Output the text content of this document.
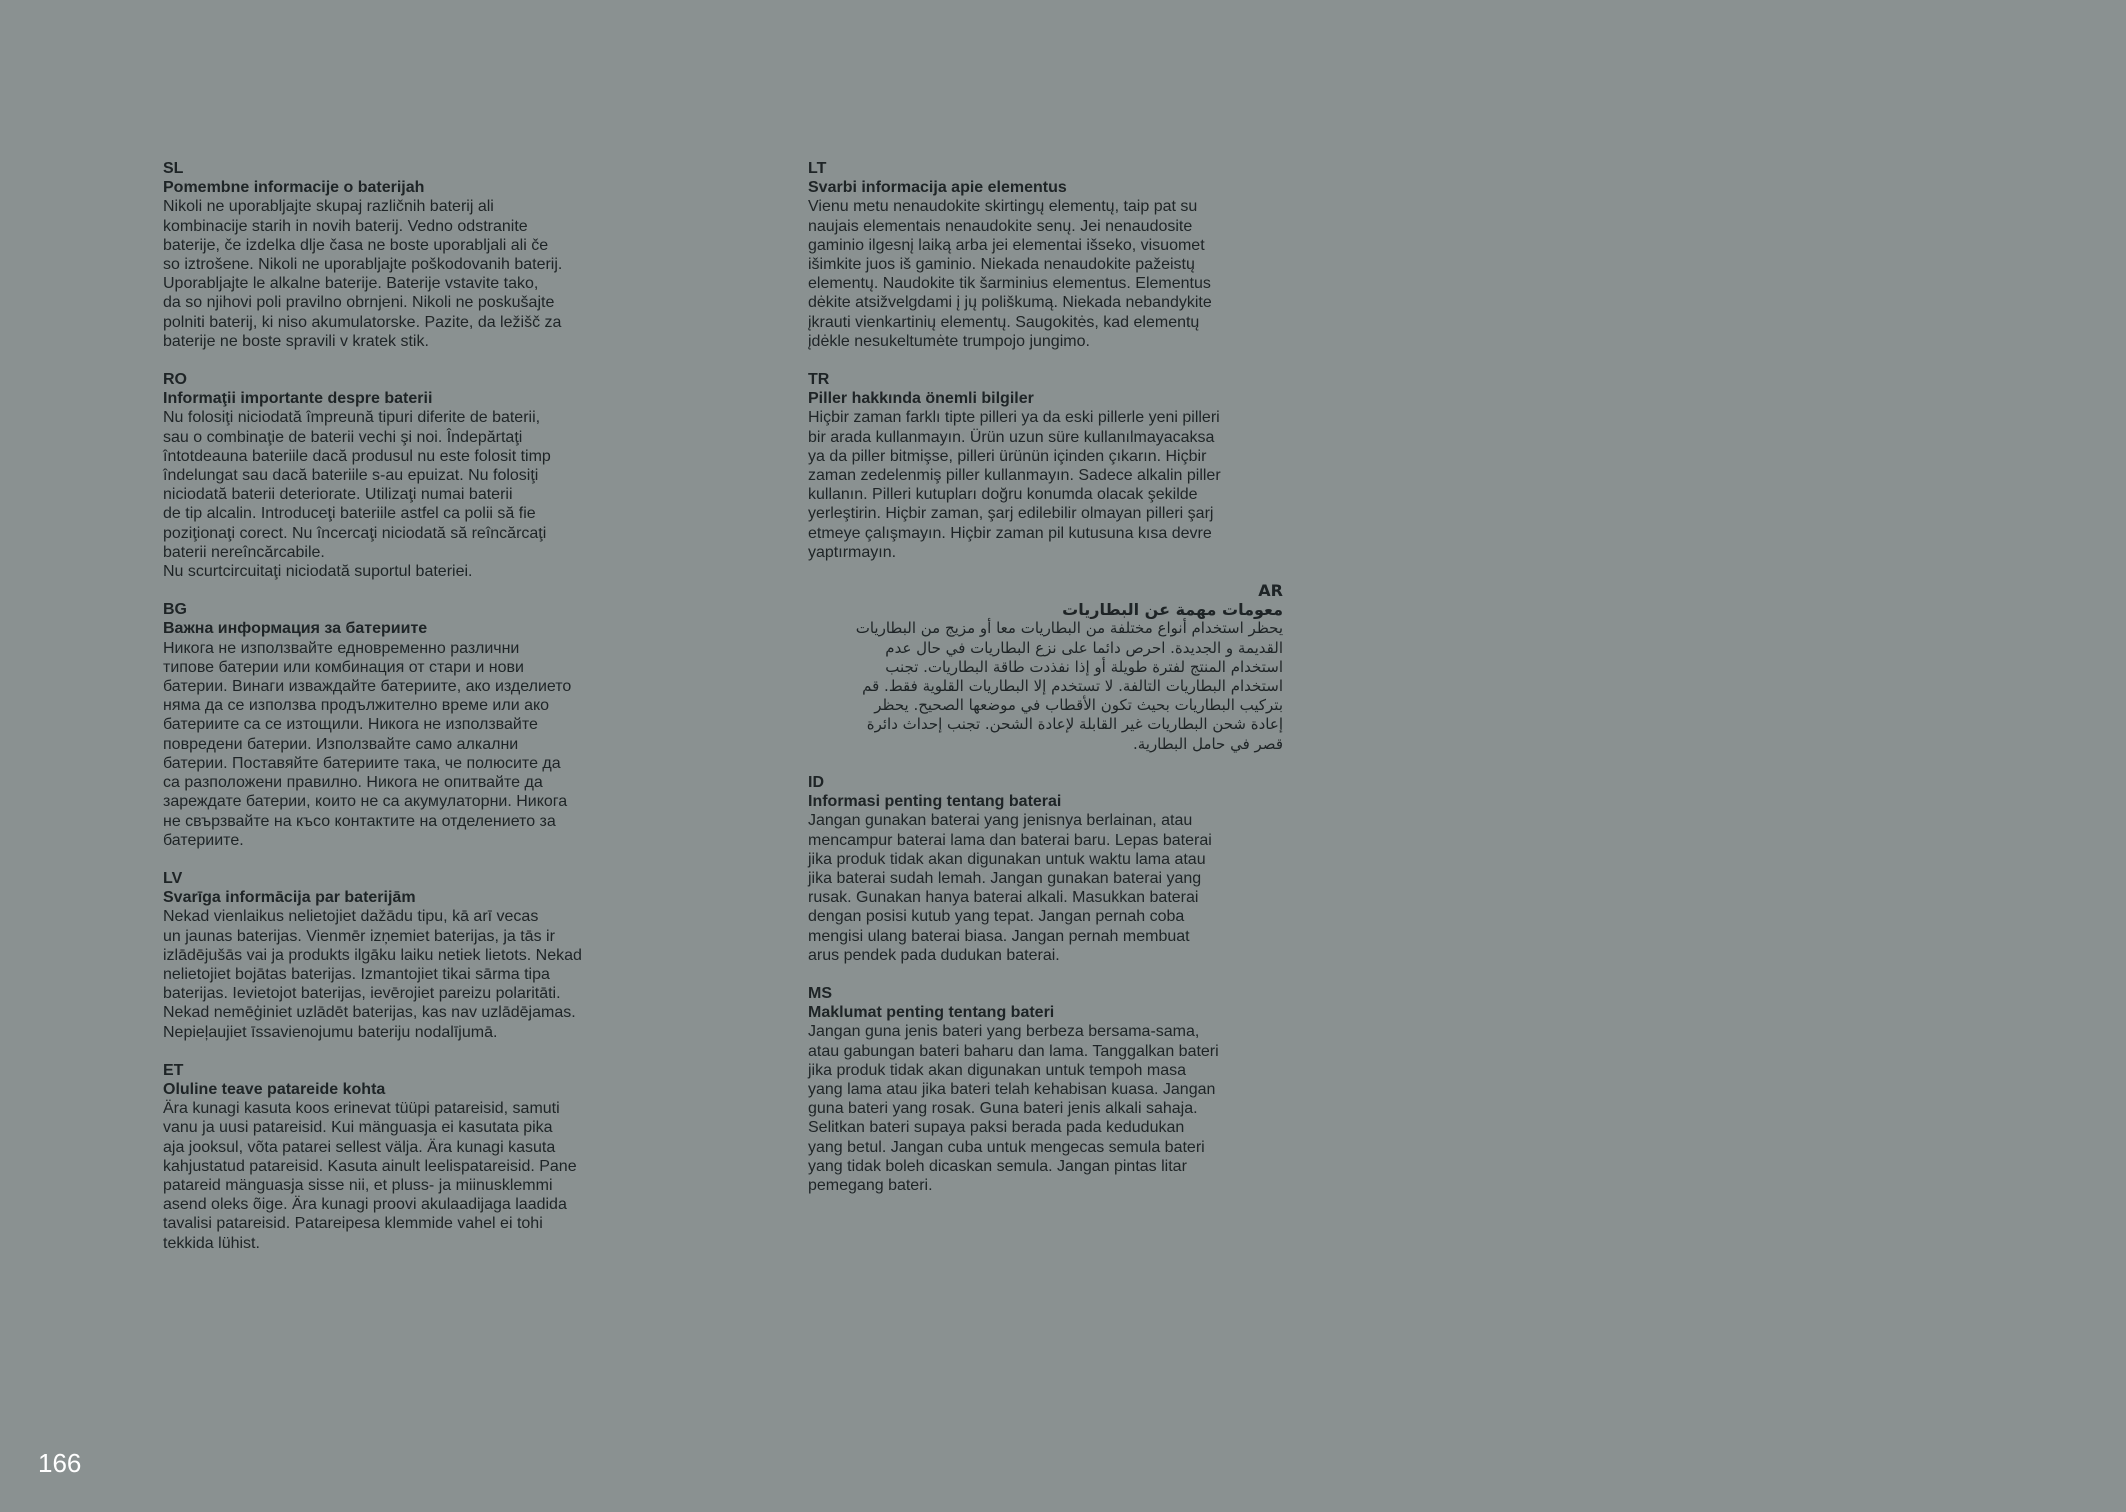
SL

Pomembne informacije o baterijah

Nikoli ne uporabljajte skupaj različnih baterij ali
kombinacije starih in novih baterij. Vedno odstranite
baterije, če izdelka dlje časa ne boste uporabljali ali če
so iztrošene. Nikoli ne uporabljajte poškodovanih baterij.
Uporabljajte le alkalne baterije. Baterije vstavite tako,
da so njihovi poli pravilno obrnjeni. Nikoli ne poskušajte
polniti baterij, ki niso akumulatorske. Pazite, da ležišč za
baterije ne boste spravili v kratek stik.

RO

Informaţii importante despre baterii

Nu folosiţi niciodată împreună tipuri diferite de baterii,
sau o combinaţie de baterii vechi şi noi. Îndepărtaţi
întotdeauna bateriile dacă produsul nu este folosit timp
îndelungat sau dacă bateriile s-au epuizat. Nu folosiţi
niciodată baterii deteriorate. Utilizaţi numai baterii
de tip alcalin. Introduceţi bateriile astfel ca polii să fie
poziţionaţi corect. Nu încercaţi niciodată să reîncărcaţi
baterii nereîncărcabile.
Nu scurtcircuitaţi niciodată suportul bateriei.

BG

Важна информация за батериите

Никога не използвайте едновременно различни
типове батерии или комбинация от стари и нови
батерии. Винаги изваждайте батериите, ако изделието
няма да се използва продължително време или ако
батериите са се изтощили. Никога не използвайте
повредени батерии. Използвайте само алкални
батерии. Поставяйте батериите така, че полюсите да
са разположени правилно. Никога не опитвайте да
зареждате батерии, които не са акумулаторни. Никога
не свързвайте на късо контактите на отделението за
батериите.

LV

Svarīga informācija par baterijām

Nekad vienlaikus nelietojiet dažādu tipu, kā arī vecas
un jaunas baterijas. Vienmēr izņemiet baterijas, ja tās ir
izlādējušās vai ja produkts ilgāku laiku netiek lietots. Nekad
nelietojiet bojātas baterijas. Izmantojiet tikai sārma tipa
baterijas. Ievietojot baterijas, ievērojiet pareizu polaritāti.
Nekad nemēģiniet uzlādēt baterijas, kas nav uzlādējamas.
Nepieļaujiet īssavienojumu bateriju nodalījumā.

ET

Oluline teave patareide kohta

Ära kunagi kasuta koos erinevat tüüpi patareisid, samuti
vanu ja uusi patareisid. Kui mänguasja ei kasutata pika
aja jooksul, võta patarei sellest välja. Ära kunagi kasuta
kahjustatud patareisid. Kasuta ainult leelispatareisid. Pane
patareid mänguasja sisse nii, et pluss- ja miinusklemmi
asend oleks õige. Ära kunagi proovi akulaadijaga laadida
tavalisi patareisid. Patareipesa klemmide vahel ei tohi
tekkida lühist.

LT

Svarbi informacija apie elementus

Vienu metu nenaudokite skirtingų elementų, taip pat su
naujais elementais nenaudokite senų. Jei nenaudosite
gaminio ilgesnį laiką arba jei elementai išseko, visuomet
išimkite juos iš gaminio. Niekada nenaudokite pažeistų
elementų. Naudokite tik šarminius elementus. Elementus
dėkite atsižvelgdami į jų poliškumą. Niekada nebandykite
įkrauti vienkartinių elementų. Saugokitės, kad elementų
įdėkle nesukeltumėte trumpojo jungimo.

TR

Piller hakkında önemli bilgiler

Hiçbir zaman farklı tipte pilleri ya da eski pillerle yeni pilleri
bir arada kullanmayın. Ürün uzun süre kullanılmayacaksa
ya da piller bitmişse, pilleri ürünün içinden çıkarın. Hiçbir
zaman zedelenmiş piller kullanmayın. Sadece alkalin piller
kullanın. Pilleri kutupları doğru konumda olacak şekilde
yerleştirin. Hiçbir zaman, şarj edilebilir olmayan pilleri şarj
etmeye çalışmayın. Hiçbir zaman pil kutusuna kısa devre
yaptırmayın.

AR

معومات مهمة عن البطاريات

يحظر استخدام أنواع مختلفة من البطاريات معا أو مزيج من البطاريات
القديمة و الجديدة. احرص دائما على نزع البطاريات في حال عدم
استخدام المنتج لفترة طويلة أو إذا نفذدت طاقة البطاريات. تجنب
استخدام البطاريات التالفة. لا تستخدم إلا البطاريات القلوية فقط. قم
بتركيب البطاريات بحيث تكون الأقطاب في موضعها الصحيح. يحظر
إعادة شحن البطاريات غير القابلة لإعادة الشحن. تجنب إحداث دائرة
قصر في حامل البطارية.

ID

Informasi penting tentang baterai

Jangan gunakan baterai yang jenisnya berlainan, atau
mencampur baterai lama dan baterai baru. Lepas baterai
jika produk tidak akan digunakan untuk waktu lama atau
jika baterai sudah lemah. Jangan gunakan baterai yang
rusak. Gunakan hanya baterai alkali. Masukkan baterai
dengan posisi kutub yang tepat. Jangan pernah coba
mengisi ulang baterai biasa. Jangan pernah membuat
arus pendek pada dudukan baterai.

MS

Maklumat penting tentang bateri

Jangan guna jenis bateri yang berbeza bersama-sama,
atau gabungan bateri baharu dan lama. Tanggalkan bateri
jika produk tidak akan digunakan untuk tempoh masa
yang lama atau jika bateri telah kehabisan kuasa. Jangan
guna bateri yang rosak. Guna bateri jenis alkali sahaja.
Selitkan bateri supaya paksi berada pada kedudukan
yang betul. Jangan cuba untuk mengecas semula bateri
yang tidak boleh dicaskan semula. Jangan pintas litar
pemegang bateri.

166
